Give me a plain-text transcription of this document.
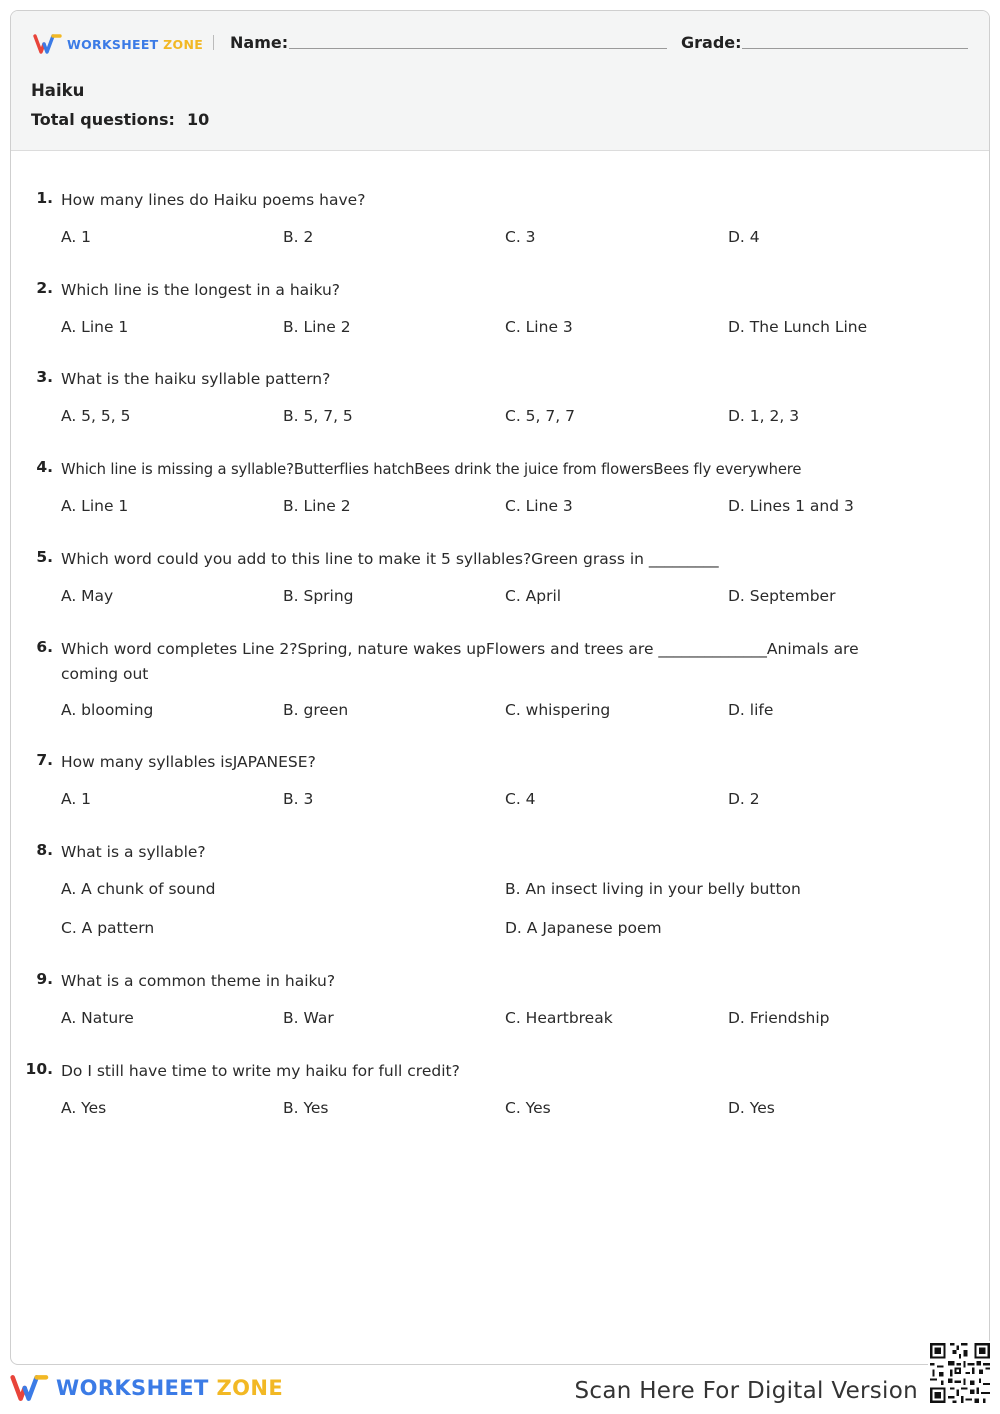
WORKSHEET ZONE Name:	Grade:
Haiku
Total questions: 10
1. How many lines do Haiku poems have?
A. 1	B. 2	C. 3	D. 4
2. Which line is the longest in a haiku?
A. Line 1	B. Line 2	C. Line 3	D. The Lunch Line
3. What is the haiku syllable pattern?
A. 5, 5, 5	B. 5, 7, 5	C. 5, 7, 7	D. 1, 2, 3
4. Which line is missing a syllable?Butterflies hatchBees drink the juice from flowersBees fly everywhere
A. Line 1	B. Line 2	C. Line 3	D. Lines 1 and 3
5. Which word could you add to this line to make it 5 syllables?Green grass in _________
A. May	B. Spring	C. April	D. September
6. Which word completes Line 2?Spring, nature wakes upFlowers and trees are ______________Animals are coming out
A. blooming	B. green	C. whispering	D. life
7. How many syllables isJAPANESE?
A. 1	B. 3	C. 4	D. 2
8. What is a syllable?
A. A chunk of sound	B. An insect living in your belly button
C. A pattern	D. A Japanese poem
9. What is a common theme in haiku?
A. Nature	B. War	C. Heartbreak	D. Friendship
10. Do I still have time to write my haiku for full credit?
A. Yes	B. Yes	C. Yes	D. Yes
WORKSHEET ZONE	Scan Here For Digital Version
